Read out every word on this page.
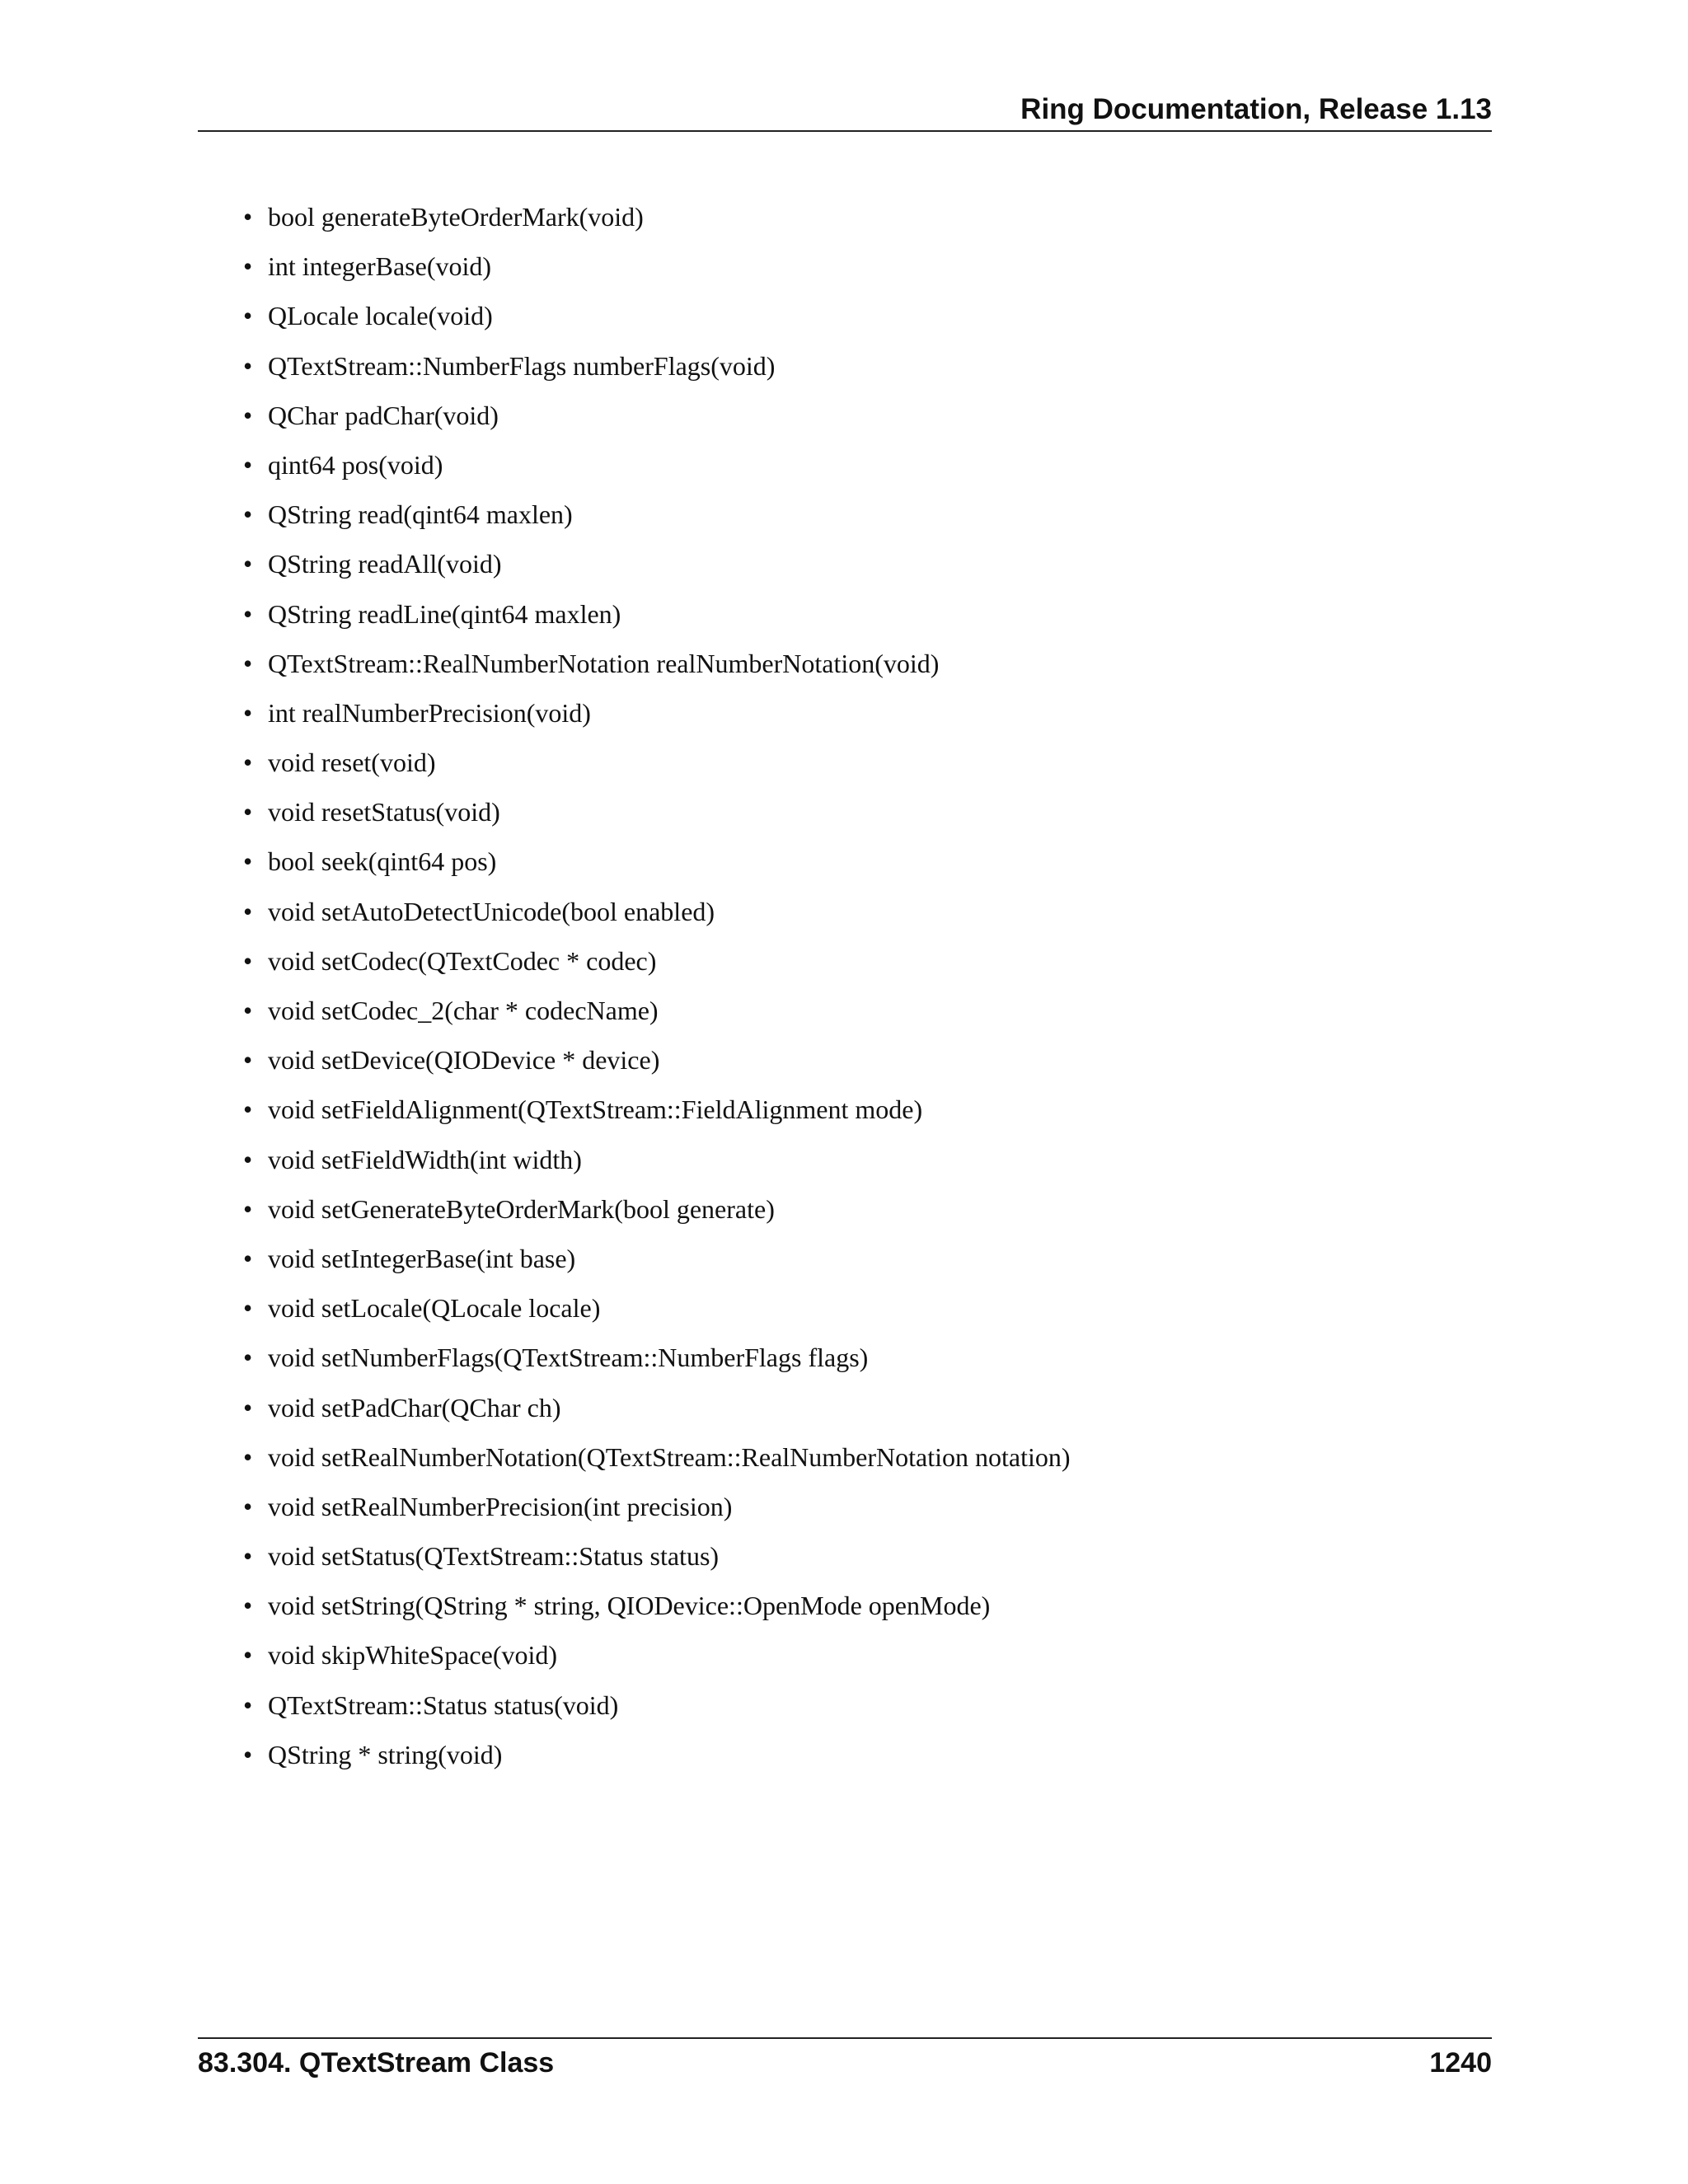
Ring Documentation, Release 1.13
• bool generateByteOrderMark(void)
• int integerBase(void)
• QLocale locale(void)
• QTextStream::NumberFlags numberFlags(void)
• QChar padChar(void)
• qint64 pos(void)
• QString read(qint64 maxlen)
• QString readAll(void)
• QString readLine(qint64 maxlen)
• QTextStream::RealNumberNotation realNumberNotation(void)
• int realNumberPrecision(void)
• void reset(void)
• void resetStatus(void)
• bool seek(qint64 pos)
• void setAutoDetectUnicode(bool enabled)
• void setCodec(QTextCodec * codec)
• void setCodec_2(char * codecName)
• void setDevice(QIODevice * device)
• void setFieldAlignment(QTextStream::FieldAlignment mode)
• void setFieldWidth(int width)
• void setGenerateByteOrderMark(bool generate)
• void setIntegerBase(int base)
• void setLocale(QLocale locale)
• void setNumberFlags(QTextStream::NumberFlags flags)
• void setPadChar(QChar ch)
• void setRealNumberNotation(QTextStream::RealNumberNotation notation)
• void setRealNumberPrecision(int precision)
• void setStatus(QTextStream::Status status)
• void setString(QString * string, QIODevice::OpenMode openMode)
• void skipWhiteSpace(void)
• QTextStream::Status status(void)
• QString * string(void)
83.304. QTextStream Class	1240
